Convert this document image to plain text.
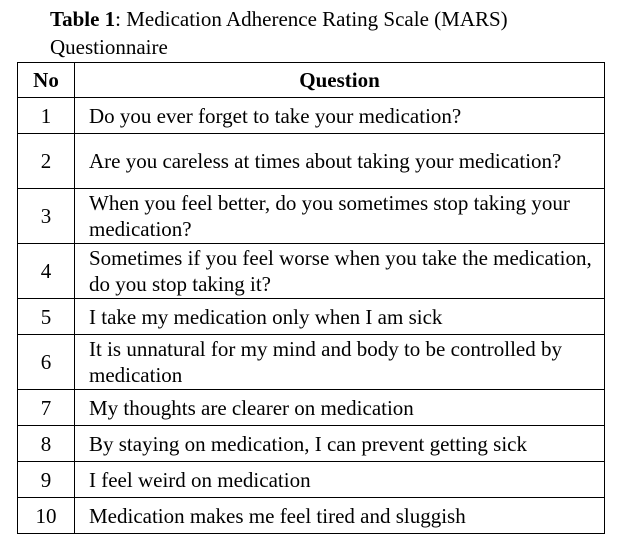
Table 1: Medication Adherence Rating Scale (MARS) Questionnaire
No	Question
1	Do you ever forget to take your medication?
2	Are you careless at times about taking your medication?
3	When you feel better, do you sometimes stop taking your medication?
4	Sometimes if you feel worse when you take the medication, do you stop taking it?
5	I take my medication only when I am sick
6	It is unnatural for my mind and body to be controlled by medication
7	My thoughts are clearer on medication
8	By staying on medication, I can prevent getting sick
9	I feel weird on medication
10	Medication makes me feel tired and sluggish
